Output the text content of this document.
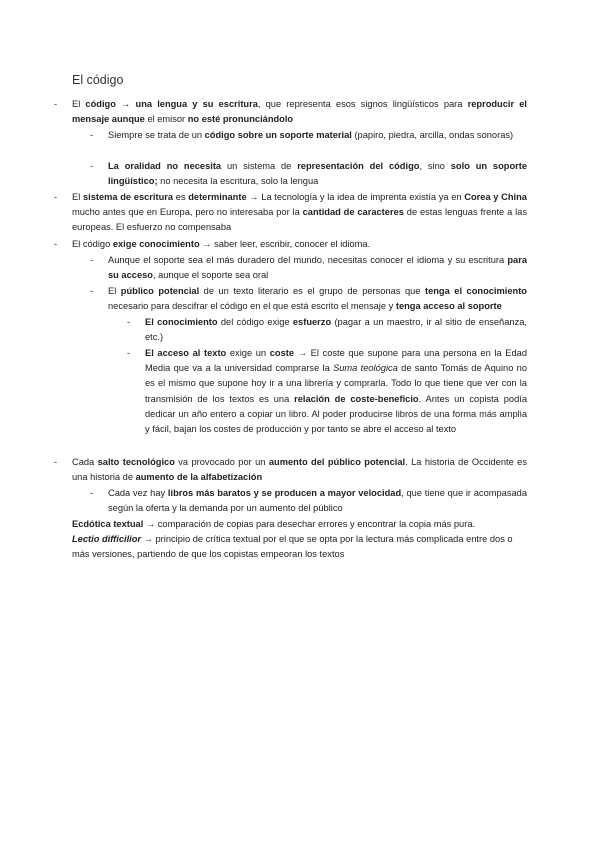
El código
- El código → una lengua y su escritura, que representa esos signos lingüísticos para reproducir el mensaje aunque el emisor no esté pronunciándolo
- Siempre se trata de un código sobre un soporte material (papiro, piedra, arcilla, ondas sonoras)
- La oralidad no necesita un sistema de representación del código, sino solo un soporte lingüístico; no necesita la escritura, solo la lengua
- El sistema de escritura es determinante → La tecnología y la idea de imprenta existía ya en Corea y China mucho antes que en Europa, pero no interesaba por la cantidad de caracteres de estas lenguas frente a las europeas. El esfuerzo no compensaba
- El código exige conocimiento → saber leer, escribir, conocer el idioma.
- Aunque el soporte sea el más duradero del mundo, necesitas conocer el idioma y su escritura para su acceso, aunque el soporte sea oral
- El público potencial de un texto literario es el grupo de personas que tenga el conocimiento necesario para descifrar el código en el que está escrito el mensaje y tenga acceso al soporte
- El conocimiento del código exige esfuerzo (pagar a un maestro, ir al sitio de enseñanza, etc.)
- El acceso al texto exige un coste → El coste que supone para una persona en la Edad Media que va a la universidad comprarse la Suma teológica de santo Tomás de Aquino no es el mismo que supone hoy ir a una librería y comprarla. Todo lo que tiene que ver con la transmisión de los textos es una relación de coste-beneficio. Antes un copista podía dedicar un año entero a copiar un libro. Al poder producirse libros de una forma más amplia y fácil, bajan los costes de producción y por tanto se abre el acceso al texto
- Cada salto tecnológico va provocado por un aumento del público potencial. La historia de Occidente es una historia de aumento de la alfabetización
- Cada vez hay libros más baratos y se producen a mayor velocidad, que tiene que ir acompasada según la oferta y la demanda por un aumento del público
Ecdótica textual → comparación de copias para desechar errores y encontrar la copia más pura.
Lectio difficilior → principio de crítica textual por el que se opta por la lectura más complicada entre dos o más versiones, partiendo de que los copistas empeoran los textos
